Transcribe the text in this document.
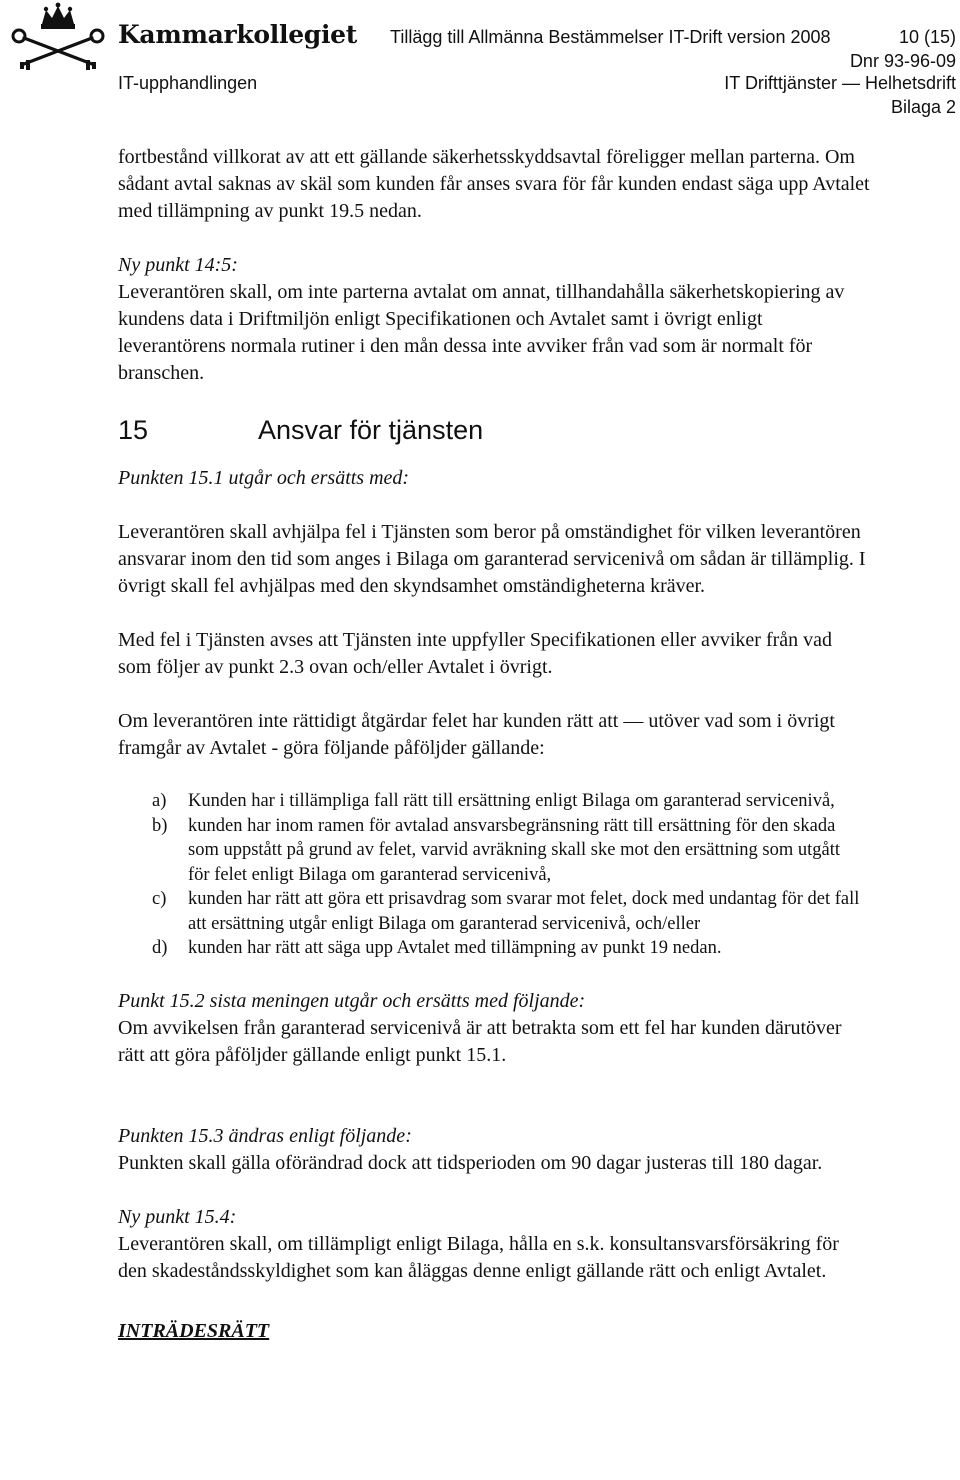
Kammarkollegiet Tillägg till Allmänna Bestämmelser IT-Drift version 2008	10 (15)
Dnr 93-96-09
IT-upphandlingen	IT Drifttjänster — Helhetsdrift
Bilaga 2

fortbestånd villkorat av att ett gällande säkerhetsskyddsavtal föreligger mellan parterna. Om sådant avtal saknas av skäl som kunden får anses svara för får kunden endast säga upp Avtalet med tillämpning av punkt 19.5 nedan.

Ny punkt 14:5:

Leverantören skall, om inte parterna avtalat om annat, tillhandahålla säkerhetskopiering av kundens data i Driftmiljön enligt Specifikationen och Avtalet samt i övrigt enligt leverantörens normala rutiner i den mån dessa inte avviker från vad som är normalt för branschen.

15	Ansvar för tjänsten

Punkten 15.1 utgår och ersätts med:

Leverantören skall avhjälpa fel i Tjänsten som beror på omständighet för vilken leverantören ansvarar inom den tid som anges i Bilaga om garanterad servicenivå om sådan är tillämplig. I övrigt skall fel avhjälpas med den skyndsamhet omständigheterna kräver.

Med fel i Tjänsten avses att Tjänsten inte uppfyller Specifikationen eller avviker från vad som följer av punkt 2.3 ovan och/eller Avtalet i övrigt.

Om leverantören inte rättidigt åtgärdar felet har kunden rätt att — utöver vad som i övrigt framgår av Avtalet - göra följande påföljder gällande:

a)	Kunden har i tillämpliga fall rätt till ersättning enligt Bilaga om garanterad servicenivå,
b)	kunden har inom ramen för avtalad ansvarsbegränsning rätt till ersättning för den skada som uppstått på grund av felet, varvid avräkning skall ske mot den ersättning som utgått för felet enligt Bilaga om garanterad servicenivå,
c)	kunden har rätt att göra ett prisavdrag som svarar mot felet, dock med undantag för det fall att ersättning utgår enligt Bilaga om garanterad servicenivå, och/eller
d)	kunden har rätt att säga upp Avtalet med tillämpning av punkt 19 nedan.

Punkt 15.2 sista meningen utgår och ersätts med följande:

Om avvikelsen från garanterad servicenivå är att betrakta som ett fel har kunden därutöver rätt att göra påföljder gällande enligt punkt 15.1.

Punkten 15.3 ändras enligt följande:

Punkten skall gälla oförändrad dock att tidsperioden om 90 dagar justeras till 180 dagar.

Ny punkt 15.4:

Leverantören skall, om tillämpligt enligt Bilaga, hålla en s.k. konsultansvarsförsäkring för den skadeståndsskyldighet som kan åläggas denne enligt gällande rätt och enligt Avtalet.

INTRÄDESRÄTT
